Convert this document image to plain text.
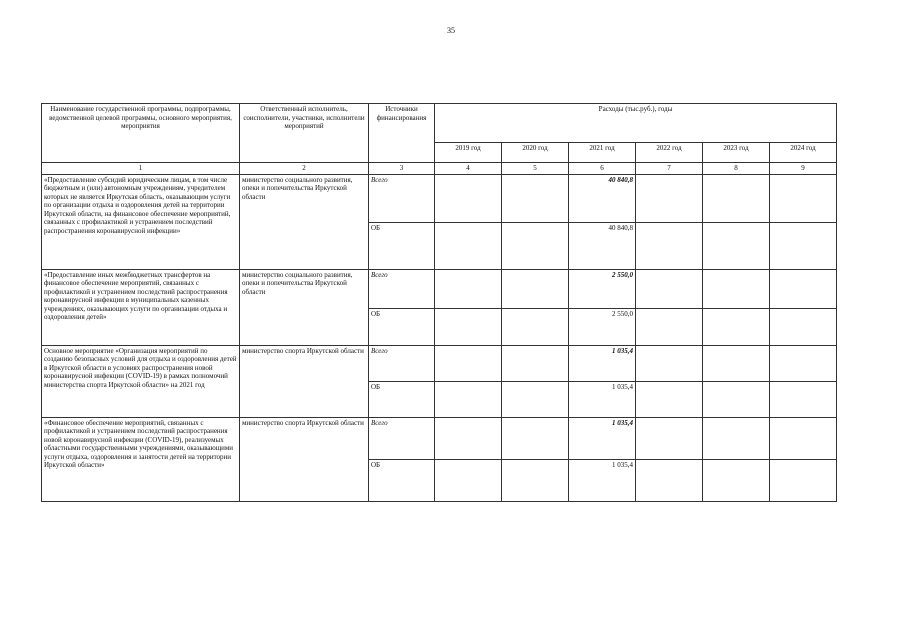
35
Наименование государственной программы, подпрограммы, ведомственной целевой программы, основного мероприятия, мероприятия	Ответственный исполнитель, соисполнители, участники, исполнители мероприятий	Источники финансирования	Расходы (тыс.руб.), годы					
			2019 год	2020 год	2021 год	2022 год	2023 год	2024 год
1	2	3	4	5	6	7	8	9
«Предоставление субсидий юридическим лицам, в том числе бюджетным и (или) автономным учреждениям, учредителем которых не является Иркутская область, оказывающим услуги по организации отдыха и оздоровления детей на территории Иркутской области, на финансовое обеспечение мероприятий, связанных с профилактикой и устранением последствий распространения коронавирусной инфекции»	министерство социального развития, опеки и попечительства Иркутской области	Всего			40 840,8			
		ОБ			40 840,8			
«Предоставление иных межбюджетных трансфертов на финансовое обеспечение мероприятий, связанных с профилактикой и устранением последствий распространения коронавирусной инфекции в муниципальных казенных учреждениях, оказывающих услуги по организации отдыха и оздоровления детей»	министерство социального развития, опеки и попечительства Иркутской области	Всего			2 550,0			
		ОБ			2 550,0			
Основное мероприятие «Организация мероприятий по созданию безопасных условий для отдыха и оздоровления детей в Иркутской области в условиях распространения новой коронавирусной инфекции (COVID-19) в рамках полномочий министерства спорта Иркутской области» на 2021 год	министерство спорта Иркутской области	Всего			1 035,4			
		ОБ			1 035,4			
«Финансовое обеспечение мероприятий, связанных с профилактикой и устранением последствий распространения новой коронавирусной инфекции (COVID-19), реализуемых областными государственными учреждениями, оказывающими услуги отдыха, оздоровления и занятости детей на территории Иркутской области»	министерство спорта Иркутской области	Всего			1 035,4			
		ОБ			1 035,4			
